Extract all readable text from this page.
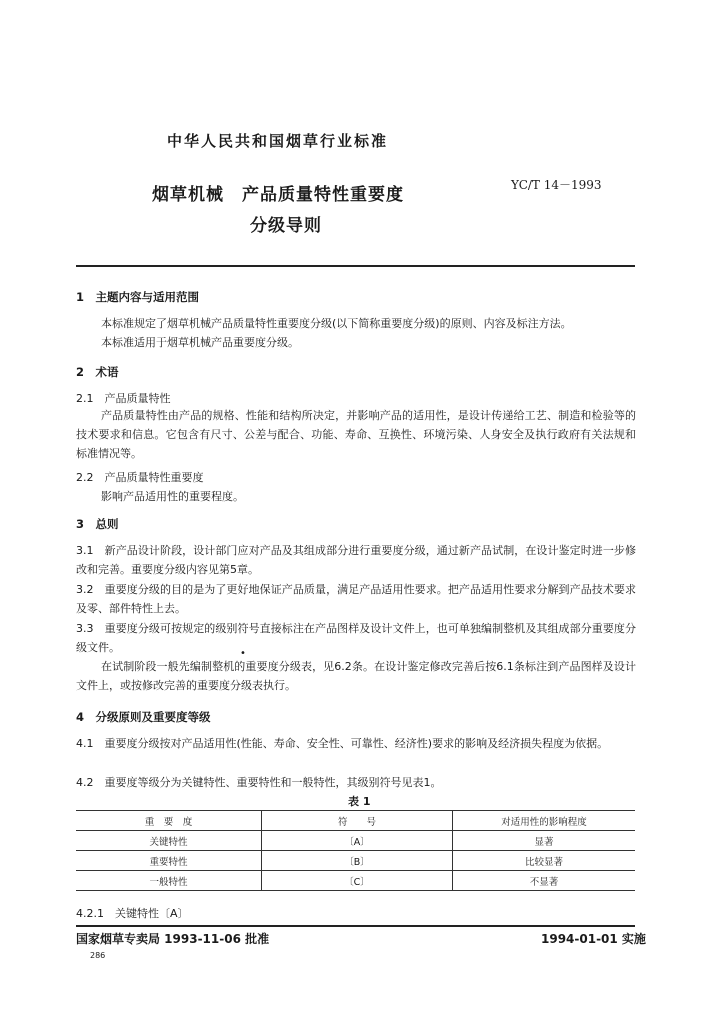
中华人民共和国烟草行业标准
烟草机械　产品质量特性重要度
分级导则
YC/T 14－1993
1　主题内容与适用范围
本标准规定了烟草机械产品质量特性重要度分级(以下简称重要度分级)的原则、内容及标注方法。
本标准适用于烟草机械产品重要度分级。
2　术语
2.1　产品质量特性
产品质量特性由产品的规格、性能和结构所决定，并影响产品的适用性，是设计传递给工艺、制造和检验等的技术要求和信息。它包含有尺寸、公差与配合、功能、寿命、互换性、环境污染、人身安全及执行政府有关法规和标准情况等。
2.2　产品质量特性重要度
影响产品适用性的重要程度。
3　总则
3.1　新产品设计阶段，设计部门应对产品及其组成部分进行重要度分级，通过新产品试制，在设计鉴定时进一步修改和完善。重要度分级内容见第5章。
3.2　重要度分级的目的是为了更好地保证产品质量，满足产品适用性要求。把产品适用性要求分解到产品技术要求及零、部件特性上去。
3.3　重要度分级可按规定的级别符号直接标注在产品图样及设计文件上，也可单独编制整机及其组成部分重要度分级文件。	•
在试制阶段一般先编制整机的重要度分级表，见6.2条。在设计鉴定修改完善后按6.1条标注到产品图样及设计文件上，或按修改完善的重要度分级表执行。
4　分级原则及重要度等级
4.1　重要度分级按对产品适用性(性能、寿命、安全性、可靠性、经济性)要求的影响及经济损失程度为依据。
4.2　重要度等级分为关键特性、重要特性和一般特性，其级别符号见表1。
表 1
重　要　度	符　　号	对适用性的影响程度
关键特性	〔A〕	显著
重要特性	〔B〕	比较显著
一般特性	〔C〕	不显著
4.2.1　关键特性〔A〕
国家烟草专卖局 1993-11-06 批准	1994-01-01 实施
286
